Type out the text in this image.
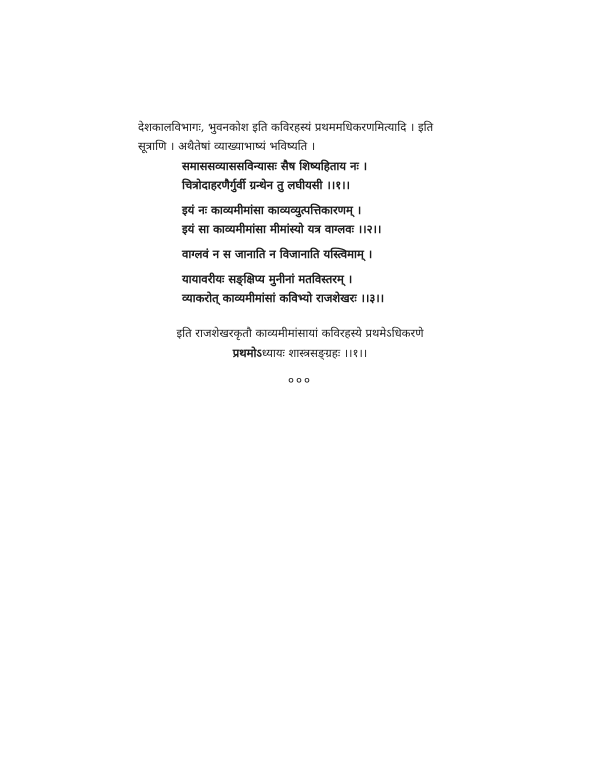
देशकालविभागः, भुवनकोश इति कविरहस्यं प्रथममधिकरणमित्यादि । इति

सूत्राणि । अथैतेषां व्याख्याभाष्यं भविष्यति ।

समाससव्याससविन्यासः सैष शिष्यहिताय नः ।
चित्रोदाहरणैर्गुर्वी ग्रन्थेन तु लघीयसी ।।१।।
इयं नः काव्यमीमांसा काव्यव्युत्पत्तिकारणम् ।
इयं सा काव्यमीमांसा मीमांस्यो यत्र वाग्लवः ।।२।।
वाग्लवं न स जानाति न विजानाति यस्त्विमाम् ।
यायावरीयः सङ्क्षिप्य मुनीनां मतविस्तरम् ।
व्याकरोत् काव्यमीमांसां कविभ्यो राजशेखरः ।।३।।

इति राजशेखरकृतौ काव्यमीमांसायां कविरहस्ये प्रथमेऽधिकरणे

प्रथमोऽध्यायः शास्त्रसङ्ग्रहः ।।१।।

०००
